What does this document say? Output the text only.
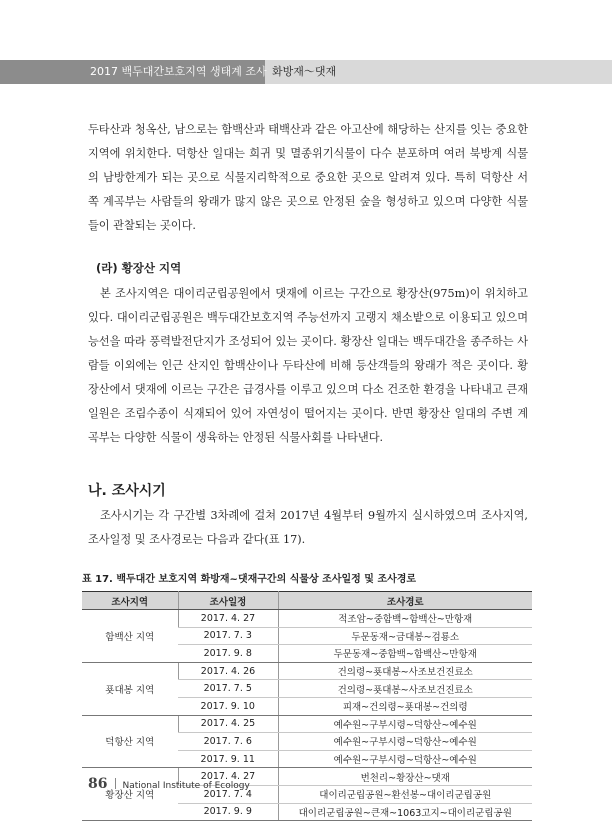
2017 백두대간보호지역 생태계 조사 화방재～댓재

두타산과 청옥산, 남으로는 함백산과 태백산과 같은 아고산에 해당하는 산지를 잇는 중요한 지역에 위치한다. 덕항산 일대는 희귀 및 멸종위기식물이 다수 분포하며 여러 북방계 식물의 남방한계가 되는 곳으로 식물지리학적으로 중요한 곳으로 알려져 있다. 특히 덕항산 서쪽 계곡부는 사람들의 왕래가 많지 않은 곳으로 안정된 숲을 형성하고 있으며 다양한 식물들이 관찰되는 곳이다.

(라) 황장산 지역

본 조사지역은 대이리군립공원에서 댓재에 이르는 구간으로 황장산(975m)이 위치하고 있다. 대이리군립공원은 백두대간보호지역 주능선까지 고랭지 채소밭으로 이용되고 있으며 능선을 따라 풍력발전단지가 조성되어 있는 곳이다. 황장산 일대는 백두대간을 종주하는 사람들 이외에는 인근 산지인 함백산이나 두타산에 비해 등산객들의 왕래가 적은 곳이다. 황장산에서 댓재에 이르는 구간은 급경사를 이루고 있으며 다소 건조한 환경을 나타내고 큰재 일원은 조림수종이 식재되어 있어 자연성이 떨어지는 곳이다. 반면 황장산 일대의 주변 계곡부는 다양한 식물이 생육하는 안정된 식물사회를 나타낸다.

나. 조사시기

조사시기는 각 구간별 3차례에 걸쳐 2017년 4월부터 9월까지 실시하였으며 조사지역, 조사일정 및 조사경로는 다음과 같다(표 17).

표 17. 백두대간 보호지역 화방재~댓재구간의 식물상 조사일정 및 조사경로
조사지역	조사일정	조사경로
함백산 지역	2017. 4. 27	적조암~중함백~함백산~만항재
	2017. 7. 3	두문동재~금대봉~검룡소
	2017. 9. 8	두문동재~중함백~함백산~만항재
푯대봉 지역	2017. 4. 26	건의령~푯대봉~사조보건진료소
	2017. 7. 5	건의령~푯대봉~사조보건진료소
	2017. 9. 10	피재~건의령~푯대봉~건의령
덕항산 지역	2017. 4. 25	예수원~구부시령~덕항산~예수원
	2017. 7. 6	예수원~구부시령~덕항산~예수원
	2017. 9. 11	예수원~구부시령~덕항산~예수원
황장산 지역	2017. 4. 27	번천리~황장산~댓재
	2017. 7. 4	대이리군립공원~환선봉~대이리군립공원
	2017. 9. 9	대이리군립공원~큰재~1063고지~대이리군립공원
86 National Institute of Ecology
